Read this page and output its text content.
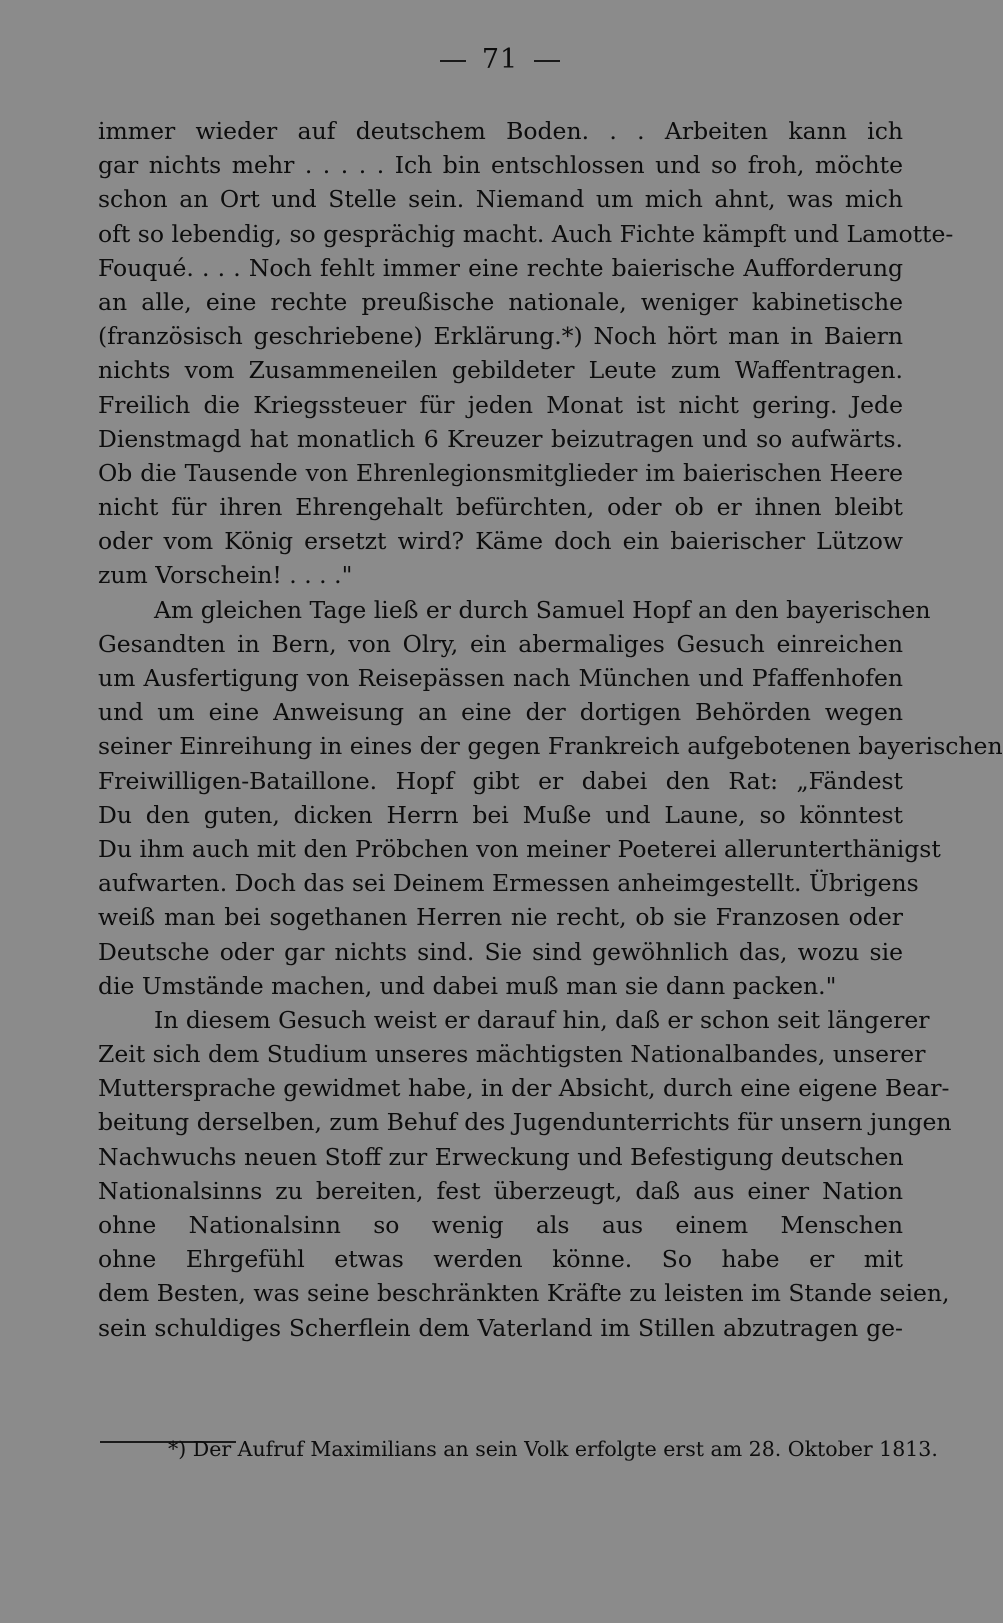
71
immer wieder auf deutschem Boden. . . Arbeiten kann ich
gar nichts mehr . . . . . Ich bin entschlossen und so froh, möchte
schon an Ort und Stelle sein. Niemand um mich ahnt, was mich
oft so lebendig, so gesprächig macht. Auch Fichte kämpft und Lamotte-
Fouqué. . . . Noch fehlt immer eine rechte baierische Aufforderung
an alle, eine rechte preußische nationale, weniger kabinetische
(französisch geschriebene) Erklärung.*) Noch hört man in Baiern
nichts vom Zusammeneilen gebildeter Leute zum Waffentragen.
Freilich die Kriegssteuer für jeden Monat ist nicht gering. Jede
Dienstmagd hat monatlich 6 Kreuzer beizutragen und so aufwärts.
Ob die Tausende von Ehrenlegionsmitglieder im baierischen Heere
nicht für ihren Ehrengehalt befürchten, oder ob er ihnen bleibt
oder vom König ersetzt wird? Käme doch ein baierischer Lützow
zum Vorschein! . . . ."
Am gleichen Tage ließ er durch Samuel Hopf an den bayerischen
Gesandten in Bern, von Olry, ein abermaliges Gesuch einreichen
um Ausfertigung von Reisepässen nach München und Pfaffenhofen
und um eine Anweisung an eine der dortigen Behörden wegen
seiner Einreihung in eines der gegen Frankreich aufgebotenen bayerischen
Freiwilligen-Bataillone. Hopf gibt er dabei den Rat: „Fändest
Du den guten, dicken Herrn bei Muße und Laune, so könntest
Du ihm auch mit den Pröbchen von meiner Poeterei allerunterthänigst
aufwarten. Doch das sei Deinem Ermessen anheimgestellt. Übrigens
weiß man bei sogethanen Herren nie recht, ob sie Franzosen oder
Deutsche oder gar nichts sind. Sie sind gewöhnlich das, wozu sie
die Umstände machen, und dabei muß man sie dann packen."
In diesem Gesuch weist er darauf hin, daß er schon seit längerer
Zeit sich dem Studium unseres mächtigsten Nationalbandes, unserer
Muttersprache gewidmet habe, in der Absicht, durch eine eigene Bear-
beitung derselben, zum Behuf des Jugendunterrichts für unsern jungen
Nachwuchs neuen Stoff zur Erweckung und Befestigung deutschen
Nationalsinns zu bereiten, fest überzeugt, daß aus einer Nation
ohne Nationalsinn so wenig als aus einem Menschen
ohne Ehrgefühl etwas werden könne. So habe er mit
dem Besten, was seine beschränkten Kräfte zu leisten im Stande seien,
sein schuldiges Scherflein dem Vaterland im Stillen abzutragen ge-
*) Der Aufruf Maximilians an sein Volk erfolgte erst am 28. Oktober 1813.
